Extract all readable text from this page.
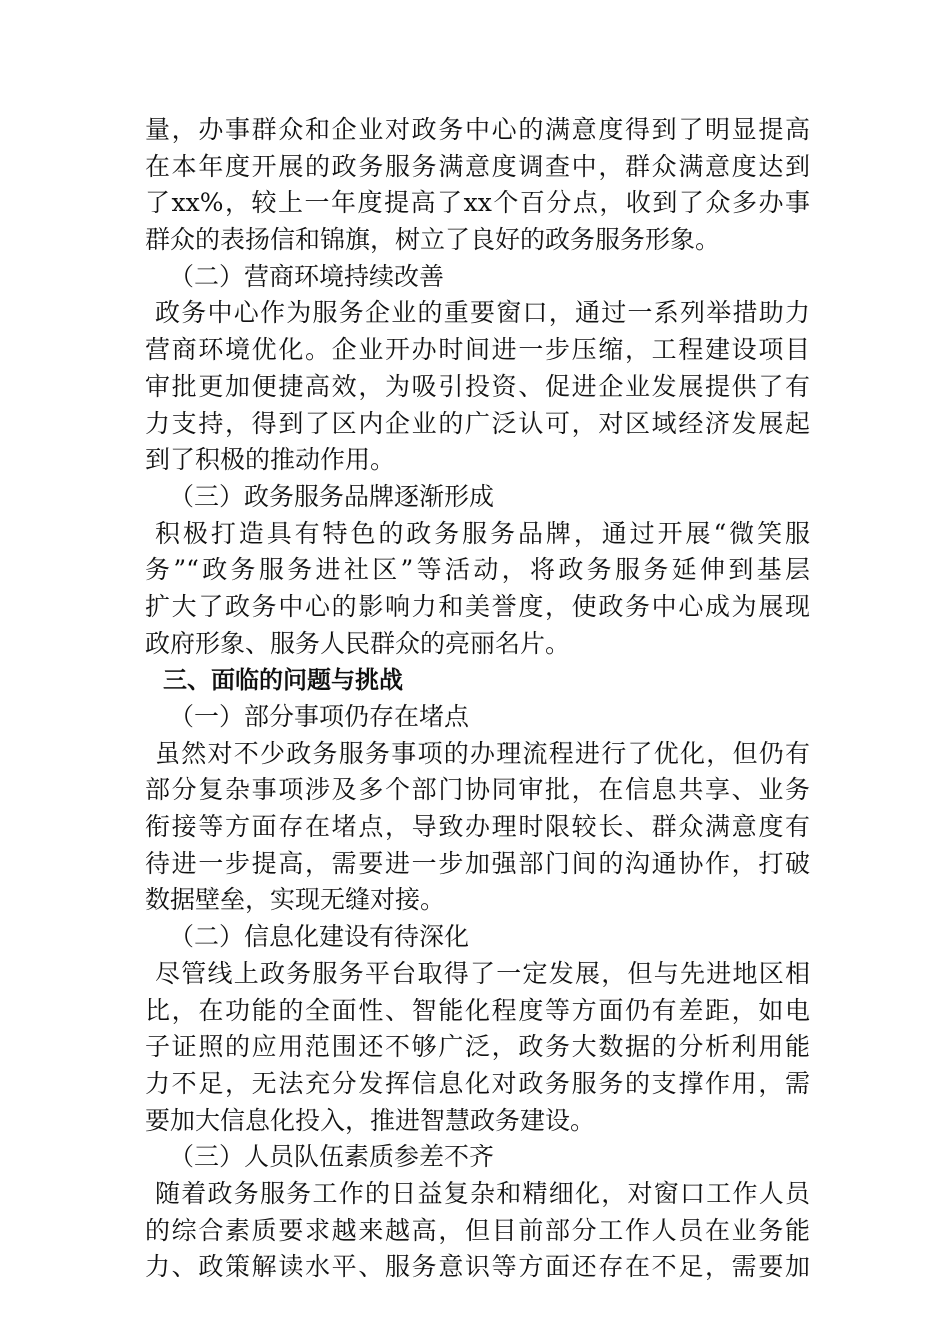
量，办事群众和企业对政务中心的满意度得到了明显提高
在本年度开展的政务服务满意度调查中，群众满意度达到
了xx%，较上一年度提高了xx个百分点，收到了众多办事
群众的表扬信和锦旗，树立了良好的政务服务形象。
（二）营商环境持续改善
政务中心作为服务企业的重要窗口，通过一系列举措助力
营商环境优化。企业开办时间进一步压缩，工程建设项目
审批更加便捷高效，为吸引投资、促进企业发展提供了有
力支持，得到了区内企业的广泛认可，对区域经济发展起
到了积极的推动作用。
（三）政务服务品牌逐渐形成
积极打造具有特色的政务服务品牌，通过开展“微笑服
务”“政务服务进社区”等活动，将政务服务延伸到基层
扩大了政务中心的影响力和美誉度，使政务中心成为展现
政府形象、服务人民群众的亮丽名片。
三、面临的问题与挑战
（一）部分事项仍存在堵点
虽然对不少政务服务事项的办理流程进行了优化，但仍有
部分复杂事项涉及多个部门协同审批，在信息共享、业务
衔接等方面存在堵点，导致办理时限较长、群众满意度有
待进一步提高，需要进一步加强部门间的沟通协作，打破
数据壁垒，实现无缝对接。
（二）信息化建设有待深化
尽管线上政务服务平台取得了一定发展，但与先进地区相
比，在功能的全面性、智能化程度等方面仍有差距，如电
子证照的应用范围还不够广泛，政务大数据的分析利用能
力不足，无法充分发挥信息化对政务服务的支撑作用，需
要加大信息化投入，推进智慧政务建设。
（三）人员队伍素质参差不齐
随着政务服务工作的日益复杂和精细化，对窗口工作人员
的综合素质要求越来越高，但目前部分工作人员在业务能
力、政策解读水平、服务意识等方面还存在不足，需要加
